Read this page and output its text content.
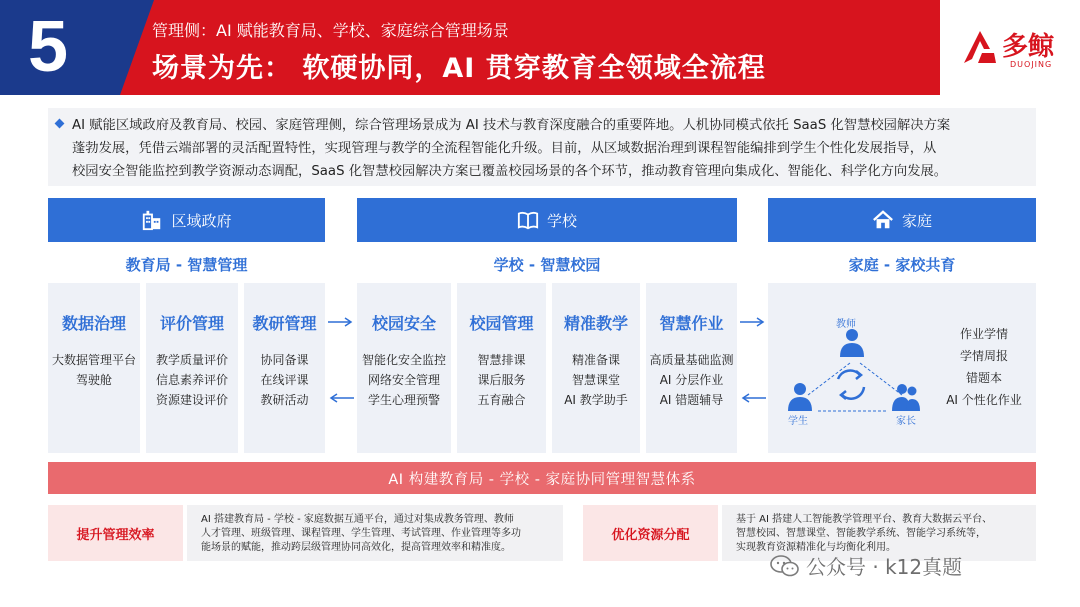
5	管理侧：AI 赋能教育局、学校、家庭综合管理场景
场景为先： 软硬协同，AI 贯穿教育全领域全流程
多鲸
DUOJING
AI 赋能区域政府及教育局、校园、家庭管理侧，综合管理场景成为 AI 技术与教育深度融合的重要阵地。人机协同模式依托 SaaS 化智慧校园解决方案
蓬勃发展，凭借云端部署的灵活配置特性，实现管理与教学的全流程智能化升级。目前，从区域数据治理到课程智能编排到学生个性化发展指导，从
校园安全智能监控到教学资源动态调配，SaaS 化智慧校园解决方案已覆盖校园场景的各个环节，推动教育管理向集成化、智能化、科学化方向发展。
区域政府	学校	家庭
教育局 - 智慧管理	学校 - 智慧校园	家庭 - 家校共育
数据治理
大数据管理平台
驾驶舱
评价管理
教学质量评价
信息素养评价
资源建设评价
教研管理
协同备课
在线评课
教研活动
校园安全
智能化安全监控
网络安全管理
学生心理预警
校园管理
智慧排课
课后服务
五育融合
精准教学
精准备课
智慧课堂
AI 教学助手
智慧作业
高质量基础监测
AI 分层作业
AI 错题辅导
教师
学生	家长
作业学情
学情周报
错题本
AI 个性化作业
AI 构建教育局 - 学校 - 家庭协同管理智慧体系
提升管理效率
AI 搭建教育局 - 学校 - 家庭数据互通平台，通过对集成教务管理、教师
人才管理、班级管理、课程管理、学生管理、考试管理、作业管理等多功
能场景的赋能，推动跨层级管理协同高效化，提高管理效率和精准度。
优化资源分配
基于 AI 搭建人工智能教学管理平台、教育大数据云平台、
智慧校园、智慧课堂、智能教学系统、智能学习系统等，
实现教育资源精准化与均衡化利用。
公众号 · k12真题
